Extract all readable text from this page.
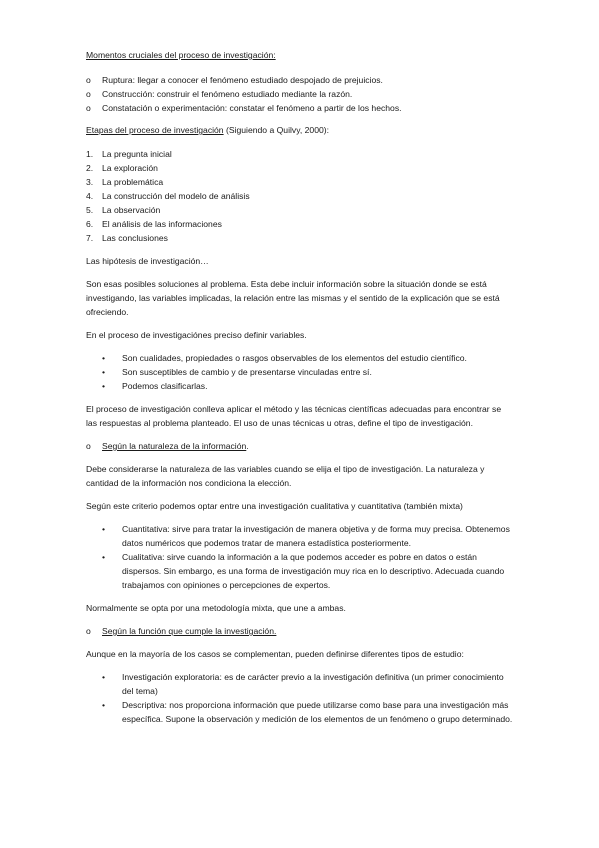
Momentos cruciales del proceso de investigación:

o	Ruptura: llegar a conocer el fenómeno estudiado despojado de prejuicios.
o	Construcción: construir el fenómeno estudiado mediante la razón.
o	Constatación o experimentación: constatar el fenómeno a partir de los hechos.

Etapas del proceso de investigación (Siguiendo a Quilvy, 2000):

1.	La pregunta inicial
2.	La exploración
3.	La problemática
4.	La construcción del modelo de análisis
5.	La observación
6.	El análisis de las informaciones
7.	Las conclusiones

Las hipótesis de investigación…

Son esas posibles soluciones al problema. Esta debe incluir información sobre la situación donde se está investigando, las variables implicadas, la relación entre las mismas y el sentido de la explicación que se está ofreciendo.

En el proceso de investigaciónes preciso definir variables.

•	Son cualidades, propiedades o rasgos observables de los elementos del estudio científico.
•	Son susceptibles de cambio y de presentarse vinculadas entre sí.
•	Podemos clasificarlas.

El proceso de investigación conlleva aplicar el método y las técnicas científicas adecuadas para encontrar se las respuestas al problema planteado. El uso de unas técnicas u otras, define el tipo de investigación.

o Según la naturaleza de la información.

Debe considerarse la naturaleza de las variables cuando se elija el tipo de investigación. La naturaleza y cantidad de la información nos condiciona la elección.

Según este criterio podemos optar entre una investigación cualitativa y cuantitativa (también mixta)

•	Cuantitativa: sirve para tratar la investigación de manera objetiva y de forma muy precisa. Obtenemos datos numéricos que podemos tratar de manera estadística posteriormente.
•	Cualitativa: sirve cuando la información a la que podemos acceder es pobre en datos o están dispersos. Sin embargo, es una forma de investigación muy rica en lo descriptivo. Adecuada cuando trabajamos con opiniones o percepciones de expertos.

Normalmente se opta por una metodología mixta, que une a ambas.

o Según la función que cumple la investigación.

Aunque en la mayoría de los casos se complementan, pueden definirse diferentes tipos de estudio:

•	Investigación exploratoria: es de carácter previo a la investigación definitiva (un primer conocimiento del tema)
•	Descriptiva: nos proporciona información que puede utilizarse como base para una investigación más específica. Supone la observación y medición de los elementos de un fenómeno o grupo determinado.
